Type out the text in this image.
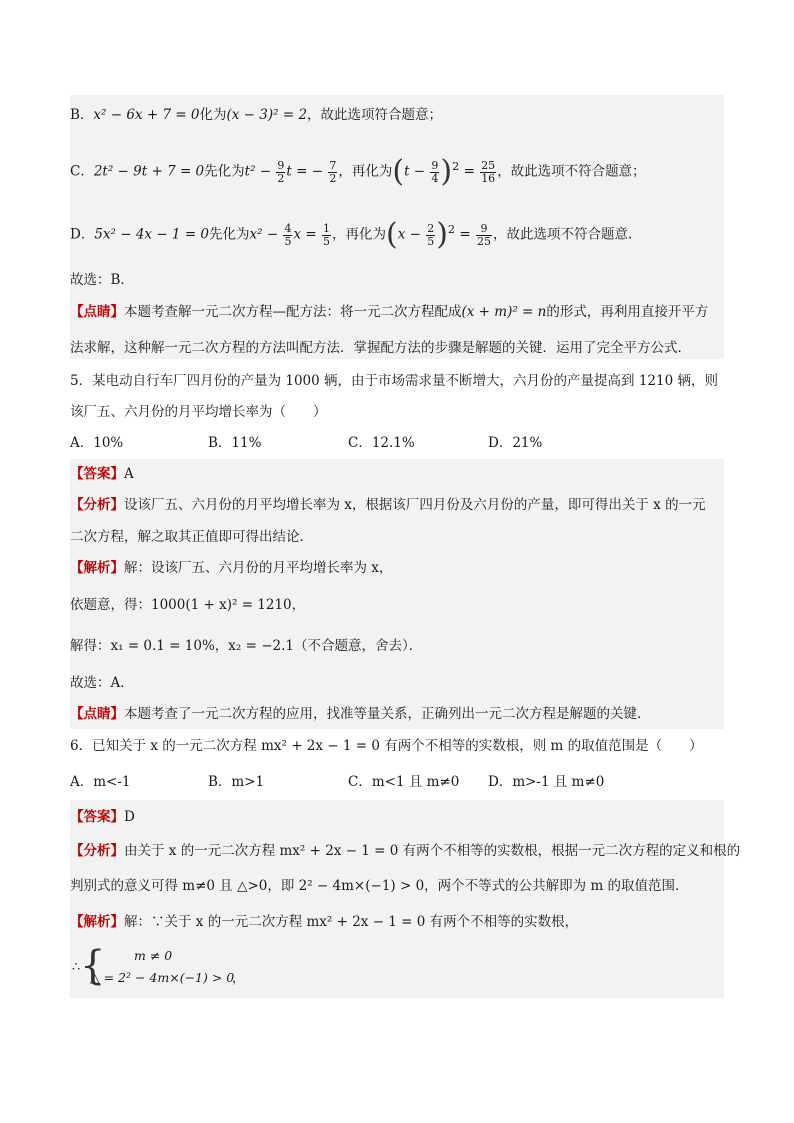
B．x² − 6x + 7 = 0化为(x − 3)² = 2，故此选项符合题意；
C．2t² − 9t + 7 = 0先化为$t^2 - \frac{9}{2}$ t = − $\frac{7}{2}$ ，再化为$(t - \frac{9}{4} )^2 = \frac{25}{16}$ ，故此选项不符合题意；
D．5x² − 4x − 1 = 0先化为$x^2 - \frac{4}{5}$ $x = \frac{1}{5}$ ，再化为$(x - \frac{2}{5} )^2 = \frac{9}{25}$ ，故此选项不符合题意.
故选：B．
【点睛】本题考查解一元二次方程—配方法：将一元二次方程配成(x + m)² = n的形式，再利用直接开平方
法求解，这种解一元二次方程的方法叫配方法．掌握配方法的步骤是解题的关键．运用了完全平方公式．
5．某电动自行车厂四月份的产量为 1000 辆，由于市场需求量不断增大，六月份的产量提高到 1210 辆，则
该厂五、六月份的月平均增长率为（　　）
A．10%	B．11%	C．12.1%	D．21%
【答案】A
【分析】设该厂五、六月份的月平均增长率为 x，根据该厂四月份及六月份的产量，即可得出关于 x 的一元
二次方程，解之取其正值即可得出结论．
【解析】解：设该厂五、六月份的月平均增长率为 x，
依题意，得：1000(1 + x)² = 1210，
解得：x₁ = 0.1 = 10%，x₂ = −2.1（不合题意，舍去）．
故选：A．
【点睛】本题考查了一元二次方程的应用，找准等量关系，正确列出一元二次方程是解题的关键．
6．已知关于 x 的一元二次方程 mx² + 2x − 1 = 0 有两个不相等的实数根，则 m 的取值范围是（　　）
A．m<-1	B．m>1	C．m<1 且 m≠0 D．m>-1 且 m≠0
【答案】D
【分析】由关于 x 的一元二次方程 mx² + 2x − 1 = 0 有两个不相等的实数根，根据一元二次方程的定义和根的
判别式的意义可得 m≠0 且 △>0，即 2² − 4m×(−1) > 0，两个不等式的公共解即为 m 的取值范围．
【解析】解：∵关于 x 的一元二次方程 mx² + 2x − 1 = 0 有两个不相等的实数根，
∴ { m ≠ 0
△ = 2² − 4m×(−1) > 0
，
